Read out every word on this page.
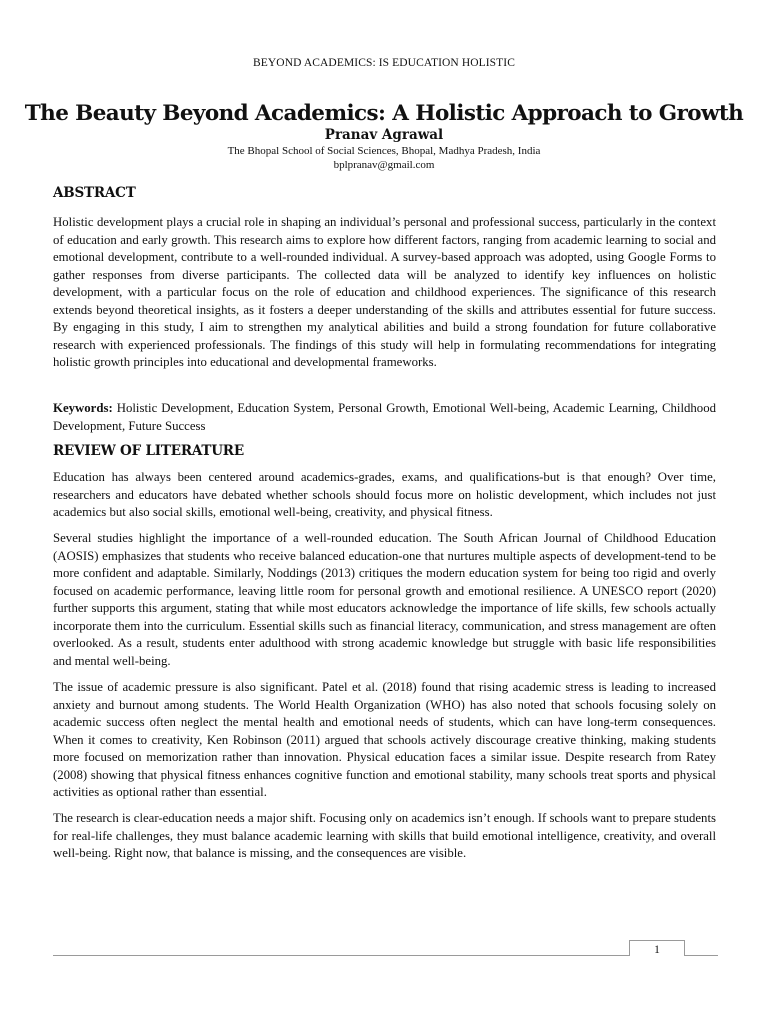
BEYOND ACADEMICS: IS EDUCATION HOLISTIC
The Beauty Beyond Academics: A Holistic Approach to Growth
Pranav Agrawal
The Bhopal School of Social Sciences, Bhopal, Madhya Pradesh, India
bplpranav@gmail.com
ABSTRACT

Holistic development plays a crucial role in shaping an individual’s personal and professional success, particularly in the context of education and early growth. This research aims to explore how different factors, ranging from academic learning to social and emotional development, contribute to a well-rounded individual. A survey-based approach was adopted, using Google Forms to gather responses from diverse participants. The collected data will be analyzed to identify key influences on holistic development, with a particular focus on the role of education and childhood experiences. The significance of this research extends beyond theoretical insights, as it fosters a deeper understanding of the skills and attributes essential for future success. By engaging in this study, I aim to strengthen my analytical abilities and build a strong foundation for future collaborative research with experienced professionals. The findings of this study will help in formulating recommendations for integrating holistic growth principles into educational and developmental frameworks.

Keywords: Holistic Development, Education System, Personal Growth, Emotional Well-being, Academic Learning, Childhood Development, Future Success

REVIEW OF LITERATURE

Education has always been centered around academics-grades, exams, and qualifications-but is that enough? Over time, researchers and educators have debated whether schools should focus more on holistic development, which includes not just academics but also social skills, emotional well-being, creativity, and physical fitness.

Several studies highlight the importance of a well-rounded education. The South African Journal of Childhood Education (AOSIS) emphasizes that students who receive balanced education-one that nurtures multiple aspects of development-tend to be more confident and adaptable. Similarly, Noddings (2013) critiques the modern education system for being too rigid and overly focused on academic performance, leaving little room for personal growth and emotional resilience. A UNESCO report (2020) further supports this argument, stating that while most educators acknowledge the importance of life skills, few schools actually incorporate them into the curriculum. Essential skills such as financial literacy, communication, and stress management are often overlooked. As a result, students enter adulthood with strong academic knowledge but struggle with basic life responsibilities and mental well-being.

The issue of academic pressure is also significant. Patel et al. (2018) found that rising academic stress is leading to increased anxiety and burnout among students. The World Health Organization (WHO) has also noted that schools focusing solely on academic success often neglect the mental health and emotional needs of students, which can have long-term consequences. When it comes to creativity, Ken Robinson (2011) argued that schools actively discourage creative thinking, making students more focused on memorization rather than innovation. Physical education faces a similar issue. Despite research from Ratey (2008) showing that physical fitness enhances cognitive function and emotional stability, many schools treat sports and physical activities as optional rather than essential.

The research is clear-education needs a major shift. Focusing only on academics isn’t enough. If schools want to prepare students for real-life challenges, they must balance academic learning with skills that build emotional intelligence, creativity, and overall well-being. Right now, that balance is missing, and the consequences are visible.

1
